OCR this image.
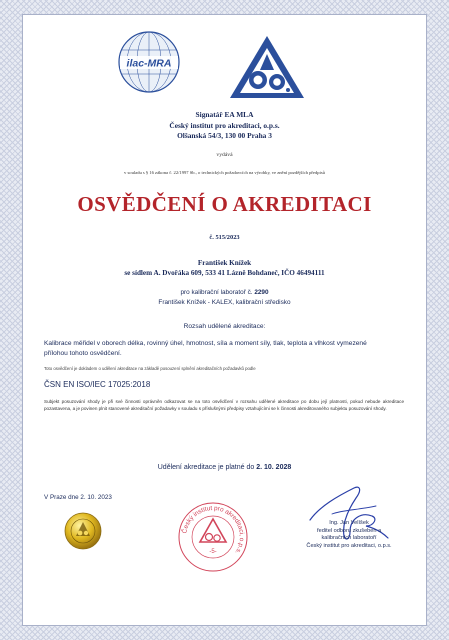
ilac-MRA
Signatář EA MLA
Český institut pro akreditaci, o.p.s.
Olšanská 54/3, 130 00 Praha 3
vydává
v souladu s § 16 zákona č. 22/1997 Sb., o technických požadavcích na výrobky, ve znění pozdějších předpisů
OSVĚDČENÍ O AKREDITACI
č. 515/2023
František Knížek
se sídlem A. Dvořáka 609, 533 41 Lázně Bohdaneč, IČO 46494111
pro kalibrační laboratoř č. 2290
František Knížek - KALEX, kalibrační středisko
Rozsah udělené akreditace:
Kalibrace měřidel v oborech délka, rovinný úhel, hmotnost, síla a moment síly, tlak, teplota a vlhkost vymezené přílohou tohoto osvědčení.
Toto osvědčení je dokladem o udělení akreditace na základě posouzení splnění akreditačních požadavků podle
ČSN EN ISO/IEC 17025:2018
Subjekt posuzování shody je při své činnosti oprávněn odkazovat se na toto osvědčení v rozsahu udělené akreditace po dobu její platnosti, pokud nebude akreditace pozastavena, a je povinen plnit stanovené akreditační požadavky v souladu s příslušnými předpisy vztahujícími se k činnosti akreditovaného subjektu posuzování shody.
Udělení akreditace je platné do 2. 10. 2028
V Praze dne 2. 10. 2023
Český institut pro akreditaci, o.p.s.
-5-
Ing. Jan Velíšek
ředitel odboru zkušeben a
kalibračních laboratoří
Český institut pro akreditaci, o.p.s.
